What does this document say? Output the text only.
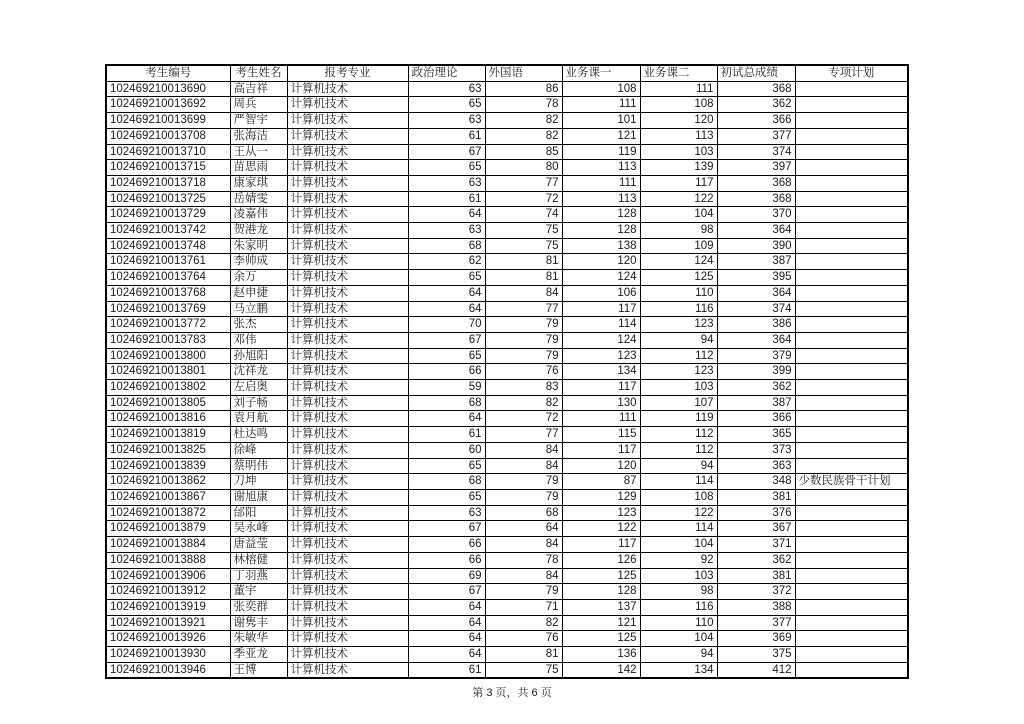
考生编号	考生姓名	报考专业	政治理论	外国语	业务课一	业务课二	初试总成绩	专项计划
102469210013690	高吉祥	计算机技术	63	86	108	111	368	
102469210013692	周兵	计算机技术	65	78	111	108	362	
102469210013699	严智宇	计算机技术	63	82	101	120	366	
102469210013708	张海洁	计算机技术	61	82	121	113	377	
102469210013710	王从一	计算机技术	67	85	119	103	374	
102469210013715	苗思雨	计算机技术	65	80	113	139	397	
102469210013718	康家琪	计算机技术	63	77	111	117	368	
102469210013725	岳婧雯	计算机技术	61	72	113	122	368	
102469210013729	凌嘉伟	计算机技术	64	74	128	104	370	
102469210013742	贺港龙	计算机技术	63	75	128	98	364	
102469210013748	朱家明	计算机技术	68	75	138	109	390	
102469210013761	李帅成	计算机技术	62	81	120	124	387	
102469210013764	余万	计算机技术	65	81	124	125	395	
102469210013768	赵申捷	计算机技术	64	84	106	110	364	
102469210013769	马立鹏	计算机技术	64	77	117	116	374	
102469210013772	张杰	计算机技术	70	79	114	123	386	
102469210013783	邓伟	计算机技术	67	79	124	94	364	
102469210013800	孙旭阳	计算机技术	65	79	123	112	379	
102469210013801	沈祥龙	计算机技术	66	76	134	123	399	
102469210013802	左启奥	计算机技术	59	83	117	103	362	
102469210013805	刘子畅	计算机技术	68	82	130	107	387	
102469210013816	袁月航	计算机技术	64	72	111	119	366	
102469210013819	杜达鸣	计算机技术	61	77	115	112	365	
102469210013825	徐峰	计算机技术	60	84	117	112	373	
102469210013839	蔡明伟	计算机技术	65	84	120	94	363	
102469210013862	刀坤	计算机技术	68	79	87	114	348	少数民族骨干计划
102469210013867	谢旭康	计算机技术	65	79	129	108	381	
102469210013872	邰阳	计算机技术	63	68	123	122	376	
102469210013879	吴永峰	计算机技术	67	64	122	114	367	
102469210013884	唐益莹	计算机技术	66	84	117	104	371	
102469210013888	林榕健	计算机技术	66	78	126	92	362	
102469210013906	丁羽燕	计算机技术	69	84	125	103	381	
102469210013912	董宇	计算机技术	67	79	128	98	372	
102469210013919	张奕群	计算机技术	64	71	137	116	388	
102469210013921	谢隽丰	计算机技术	64	82	121	110	377	
102469210013926	朱敏华	计算机技术	64	76	125	104	369	
102469210013930	季亚龙	计算机技术	64	81	136	94	375	
102469210013946	王博	计算机技术	61	75	142	134	412	
第 3 页，共 6 页
